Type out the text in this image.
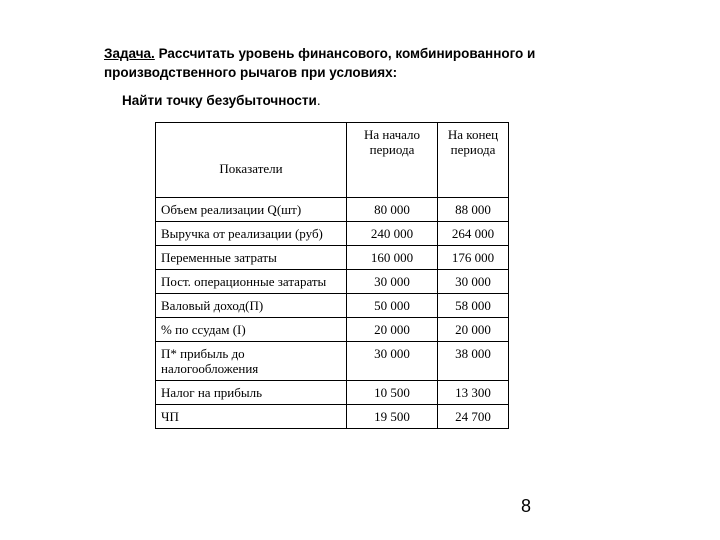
Задача. Рассчитать уровень финансового, комбинированного и производственного рычагов при условиях:
Найти точку безубыточности.
Показатели	На начало периода	На конец периода
Объем реализации Q(шт)	80 000	88 000
Выручка от реализации (руб)	240 000	264 000
Переменные затраты	160 000	176 000
Пост. операционные затараты	30 000	30 000
Валовый доход(П)	50 000	58 000
% по ссудам (I)	20 000	20 000
П* прибыль до налогообложения	30 000	38 000
Налог на прибыль	10 500	13 300
ЧП	19 500	24 700
8
